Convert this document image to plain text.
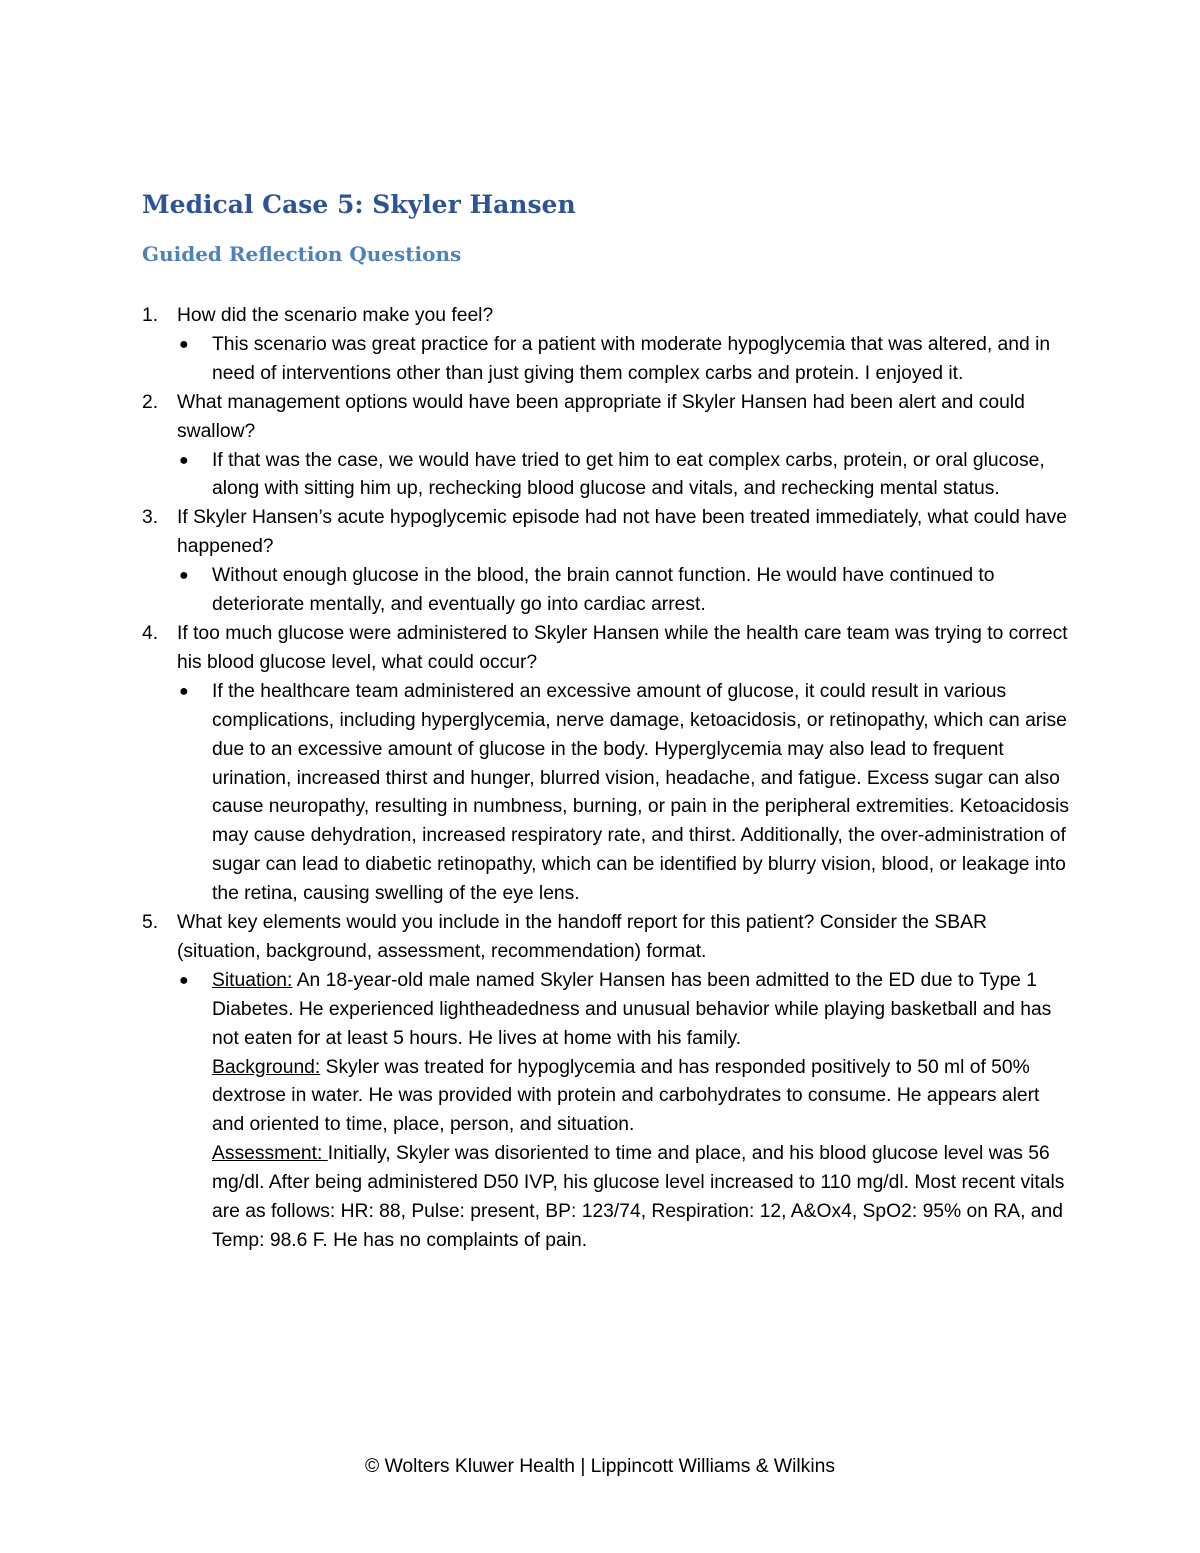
Medical Case 5: Skyler Hansen
Guided Reflection Questions
1. How did the scenario make you feel?
● This scenario was great practice for a patient with moderate hypoglycemia that was altered, and in need of interventions other than just giving them complex carbs and protein. I enjoyed it.
2. What management options would have been appropriate if Skyler Hansen had been alert and could swallow?
● If that was the case, we would have tried to get him to eat complex carbs, protein, or oral glucose, along with sitting him up, rechecking blood glucose and vitals, and rechecking mental status.
3. If Skyler Hansen’s acute hypoglycemic episode had not have been treated immediately, what could have happened?
● Without enough glucose in the blood, the brain cannot function. He would have continued to deteriorate mentally, and eventually go into cardiac arrest.
4. If too much glucose were administered to Skyler Hansen while the health care team was trying to correct his blood glucose level, what could occur?
● If the healthcare team administered an excessive amount of glucose, it could result in various complications, including hyperglycemia, nerve damage, ketoacidosis, or retinopathy, which can arise due to an excessive amount of glucose in the body. Hyperglycemia may also lead to frequent urination, increased thirst and hunger, blurred vision, headache, and fatigue. Excess sugar can also cause neuropathy, resulting in numbness, burning, or pain in the peripheral extremities. Ketoacidosis may cause dehydration, increased respiratory rate, and thirst. Additionally, the over-administration of sugar can lead to diabetic retinopathy, which can be identified by blurry vision, blood, or leakage into the retina, causing swelling of the eye lens.
5. What key elements would you include in the handoff report for this patient? Consider the SBAR (situation, background, assessment, recommendation) format.
● Situation: An 18-year-old male named Skyler Hansen has been admitted to the ED due to Type 1 Diabetes. He experienced lightheadedness and unusual behavior while playing basketball and has not eaten for at least 5 hours. He lives at home with his family.
Background: Skyler was treated for hypoglycemia and has responded positively to 50 ml of 50% dextrose in water. He was provided with protein and carbohydrates to consume. He appears alert and oriented to time, place, person, and situation.
Assessment: Initially, Skyler was disoriented to time and place, and his blood glucose level was 56 mg/dl. After being administered D50 IVP, his glucose level increased to 110 mg/dl. Most recent vitals are as follows: HR: 88, Pulse: present, BP: 123/74, Respiration: 12, A&Ox4, SpO2: 95% on RA, and Temp: 98.6 F. He has no complaints of pain.
© Wolters Kluwer Health | Lippincott Williams & Wilkins
